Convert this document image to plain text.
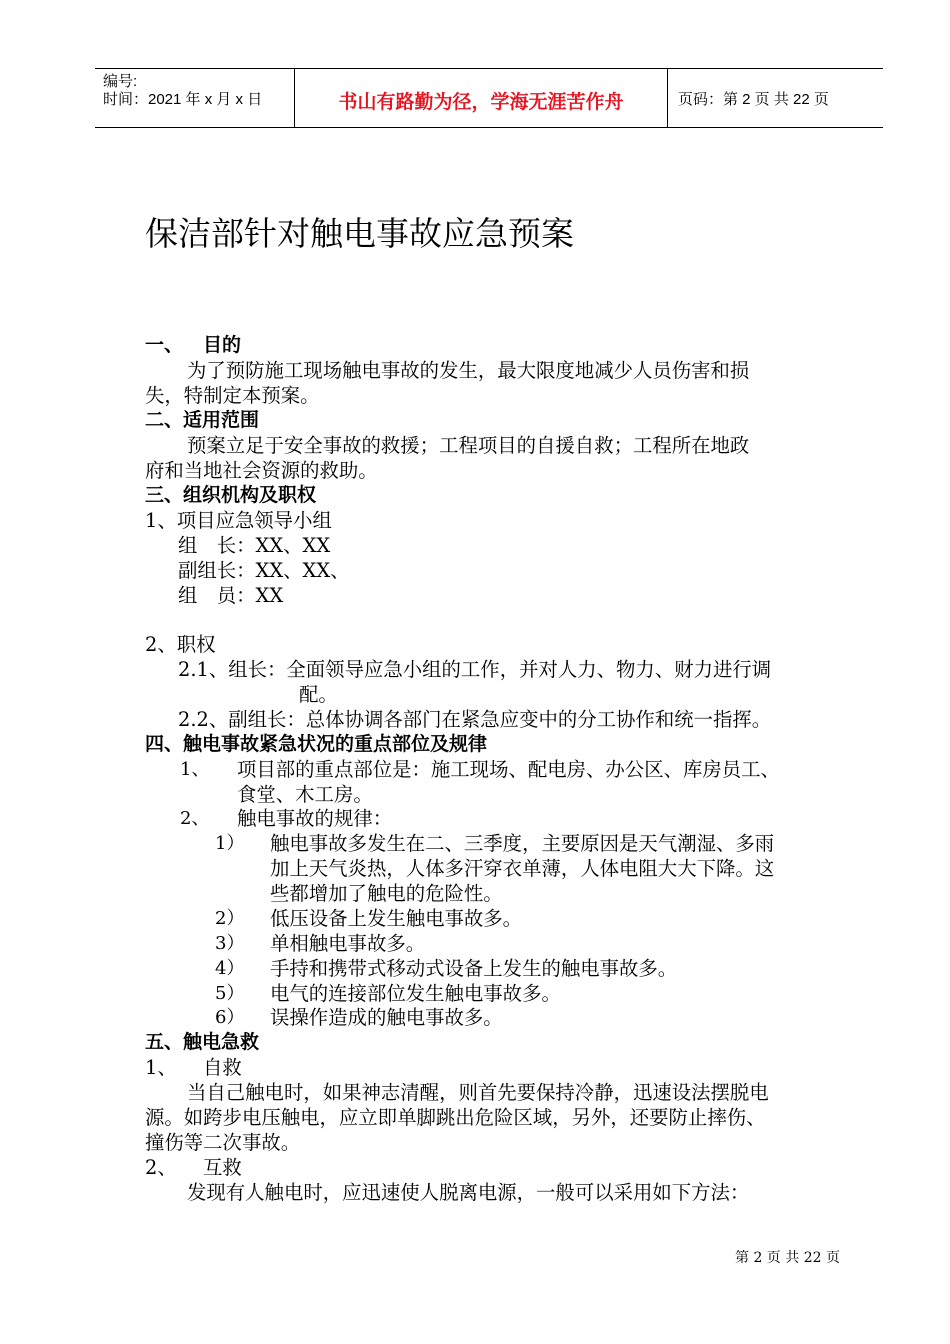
编号:
时间：2021 年 x 月 x 日	书山有路勤为径，学海无涯苦作舟	页码：第 2 页 共 22 页
保洁部针对触电事故应急预案
一、 目的
为了预防施工现场触电事故的发生，最大限度地减少人员伤害和损
失，特制定本预案。
二、适用范围
预案立足于安全事故的救援；工程项目的自援自救；工程所在地政
府和当地社会资源的救助。
三、组织机构及职权
1、项目应急领导小组
组　长：XX、XX
副组长：XX、XX、
组　员：XX
2、职权
2.1、组长：全面领导应急小组的工作，并对人力、物力、财力进行调
配。
2.2、副组长：总体协调各部门在紧急应变中的分工协作和统一指挥。
四、触电事故紧急状况的重点部位及规律
1、 项目部的重点部位是：施工现场、配电房、办公区、库房员工、
食堂、木工房。
2、 触电事故的规律：
1） 触电事故多发生在二、三季度，主要原因是天气潮湿、多雨
加上天气炎热，人体多汗穿衣单薄，人体电阻大大下降。这
些都增加了触电的危险性。
2） 低压设备上发生触电事故多。
3） 单相触电事故多。
4） 手持和携带式移动式设备上发生的触电事故多。
5） 电气的连接部位发生触电事故多。
6） 误操作造成的触电事故多。
五、触电急救
1、 自救
当自己触电时，如果神志清醒，则首先要保持冷静，迅速设法摆脱电
源。如跨步电压触电，应立即单脚跳出危险区域，另外，还要防止摔伤、
撞伤等二次事故。
2、 互救
发现有人触电时，应迅速使人脱离电源，一般可以采用如下方法：
第 2 页 共 22 页
